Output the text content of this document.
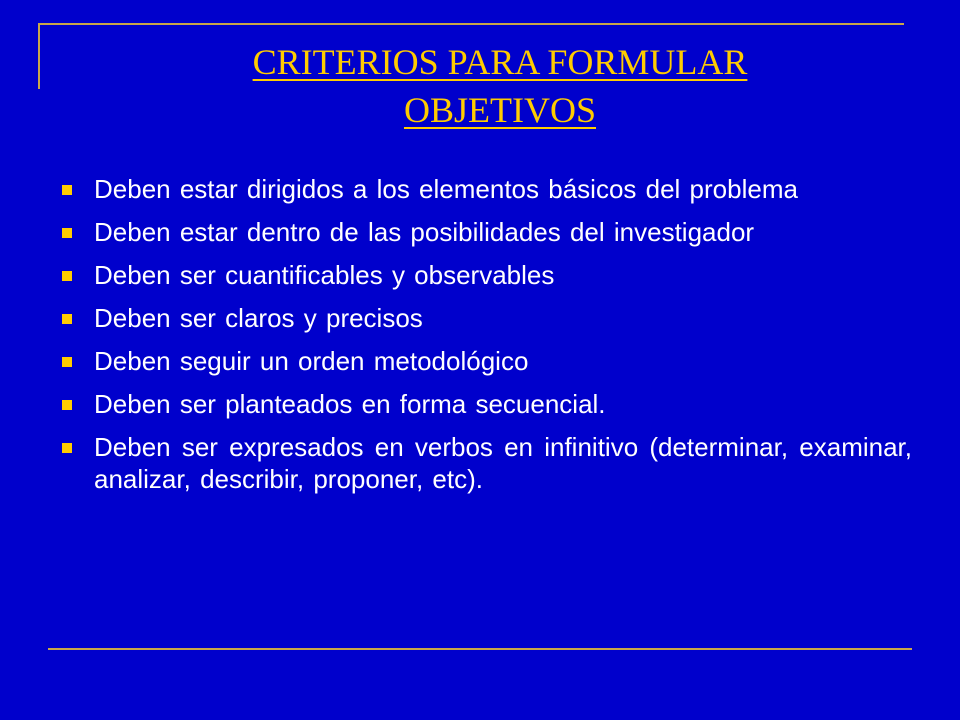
CRITERIOS PARA FORMULAR
OBJETIVOS
Deben estar dirigidos a los elementos básicos del problema
Deben estar dentro de las posibilidades del investigador
Deben ser cuantificables y observables
Deben ser claros y precisos
Deben seguir un orden metodológico
Deben ser planteados en forma secuencial.
Deben ser expresados en verbos en infinitivo (determinar, examinar, analizar, describir, proponer, etc).
